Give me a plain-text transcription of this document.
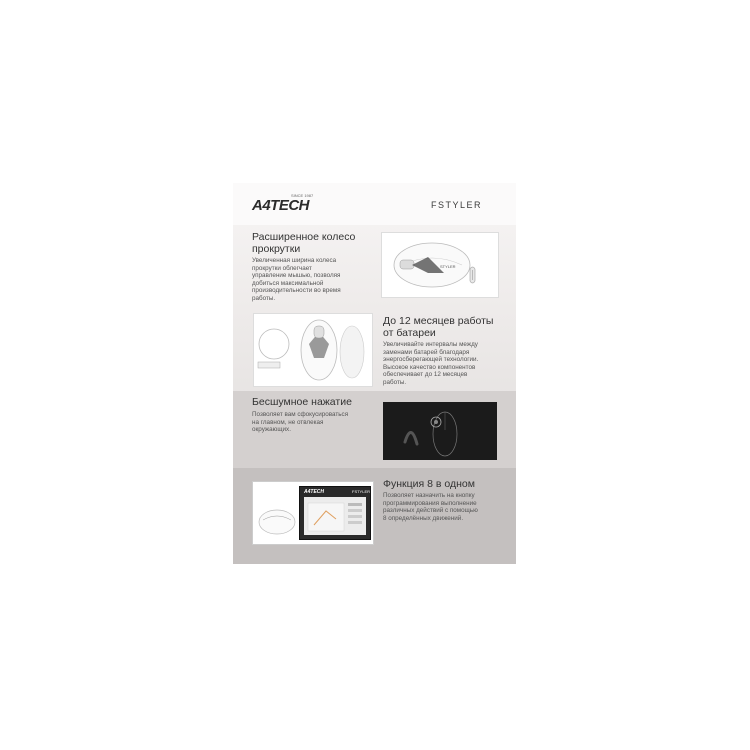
A4TECH
SINCE 1987
FSTYLER
Расширенное колесо
прокрутки
Увеличенная ширина колеса
прокрутки облегчает
управление мышью, позволяя
добиться максимальной
производительности во время
работы.
STYLER
До 12 месяцев работы
от батареи
Увеличивайте интервалы между
заменами батарей благодаря
энергосберегающей технологии.
Высокое качество компонентов
обеспечивает до 12 месяцев
работы.
Бесшумное нажатие
Позволяет вам сфокусироваться
на главном, не отвлекая
окружающих.
Функция 8 в одном
Позволяет назначить на кнопку
программирования выполнение
различных действий с помощью
8 определённых движений.
A4TECH	FSTYLER
